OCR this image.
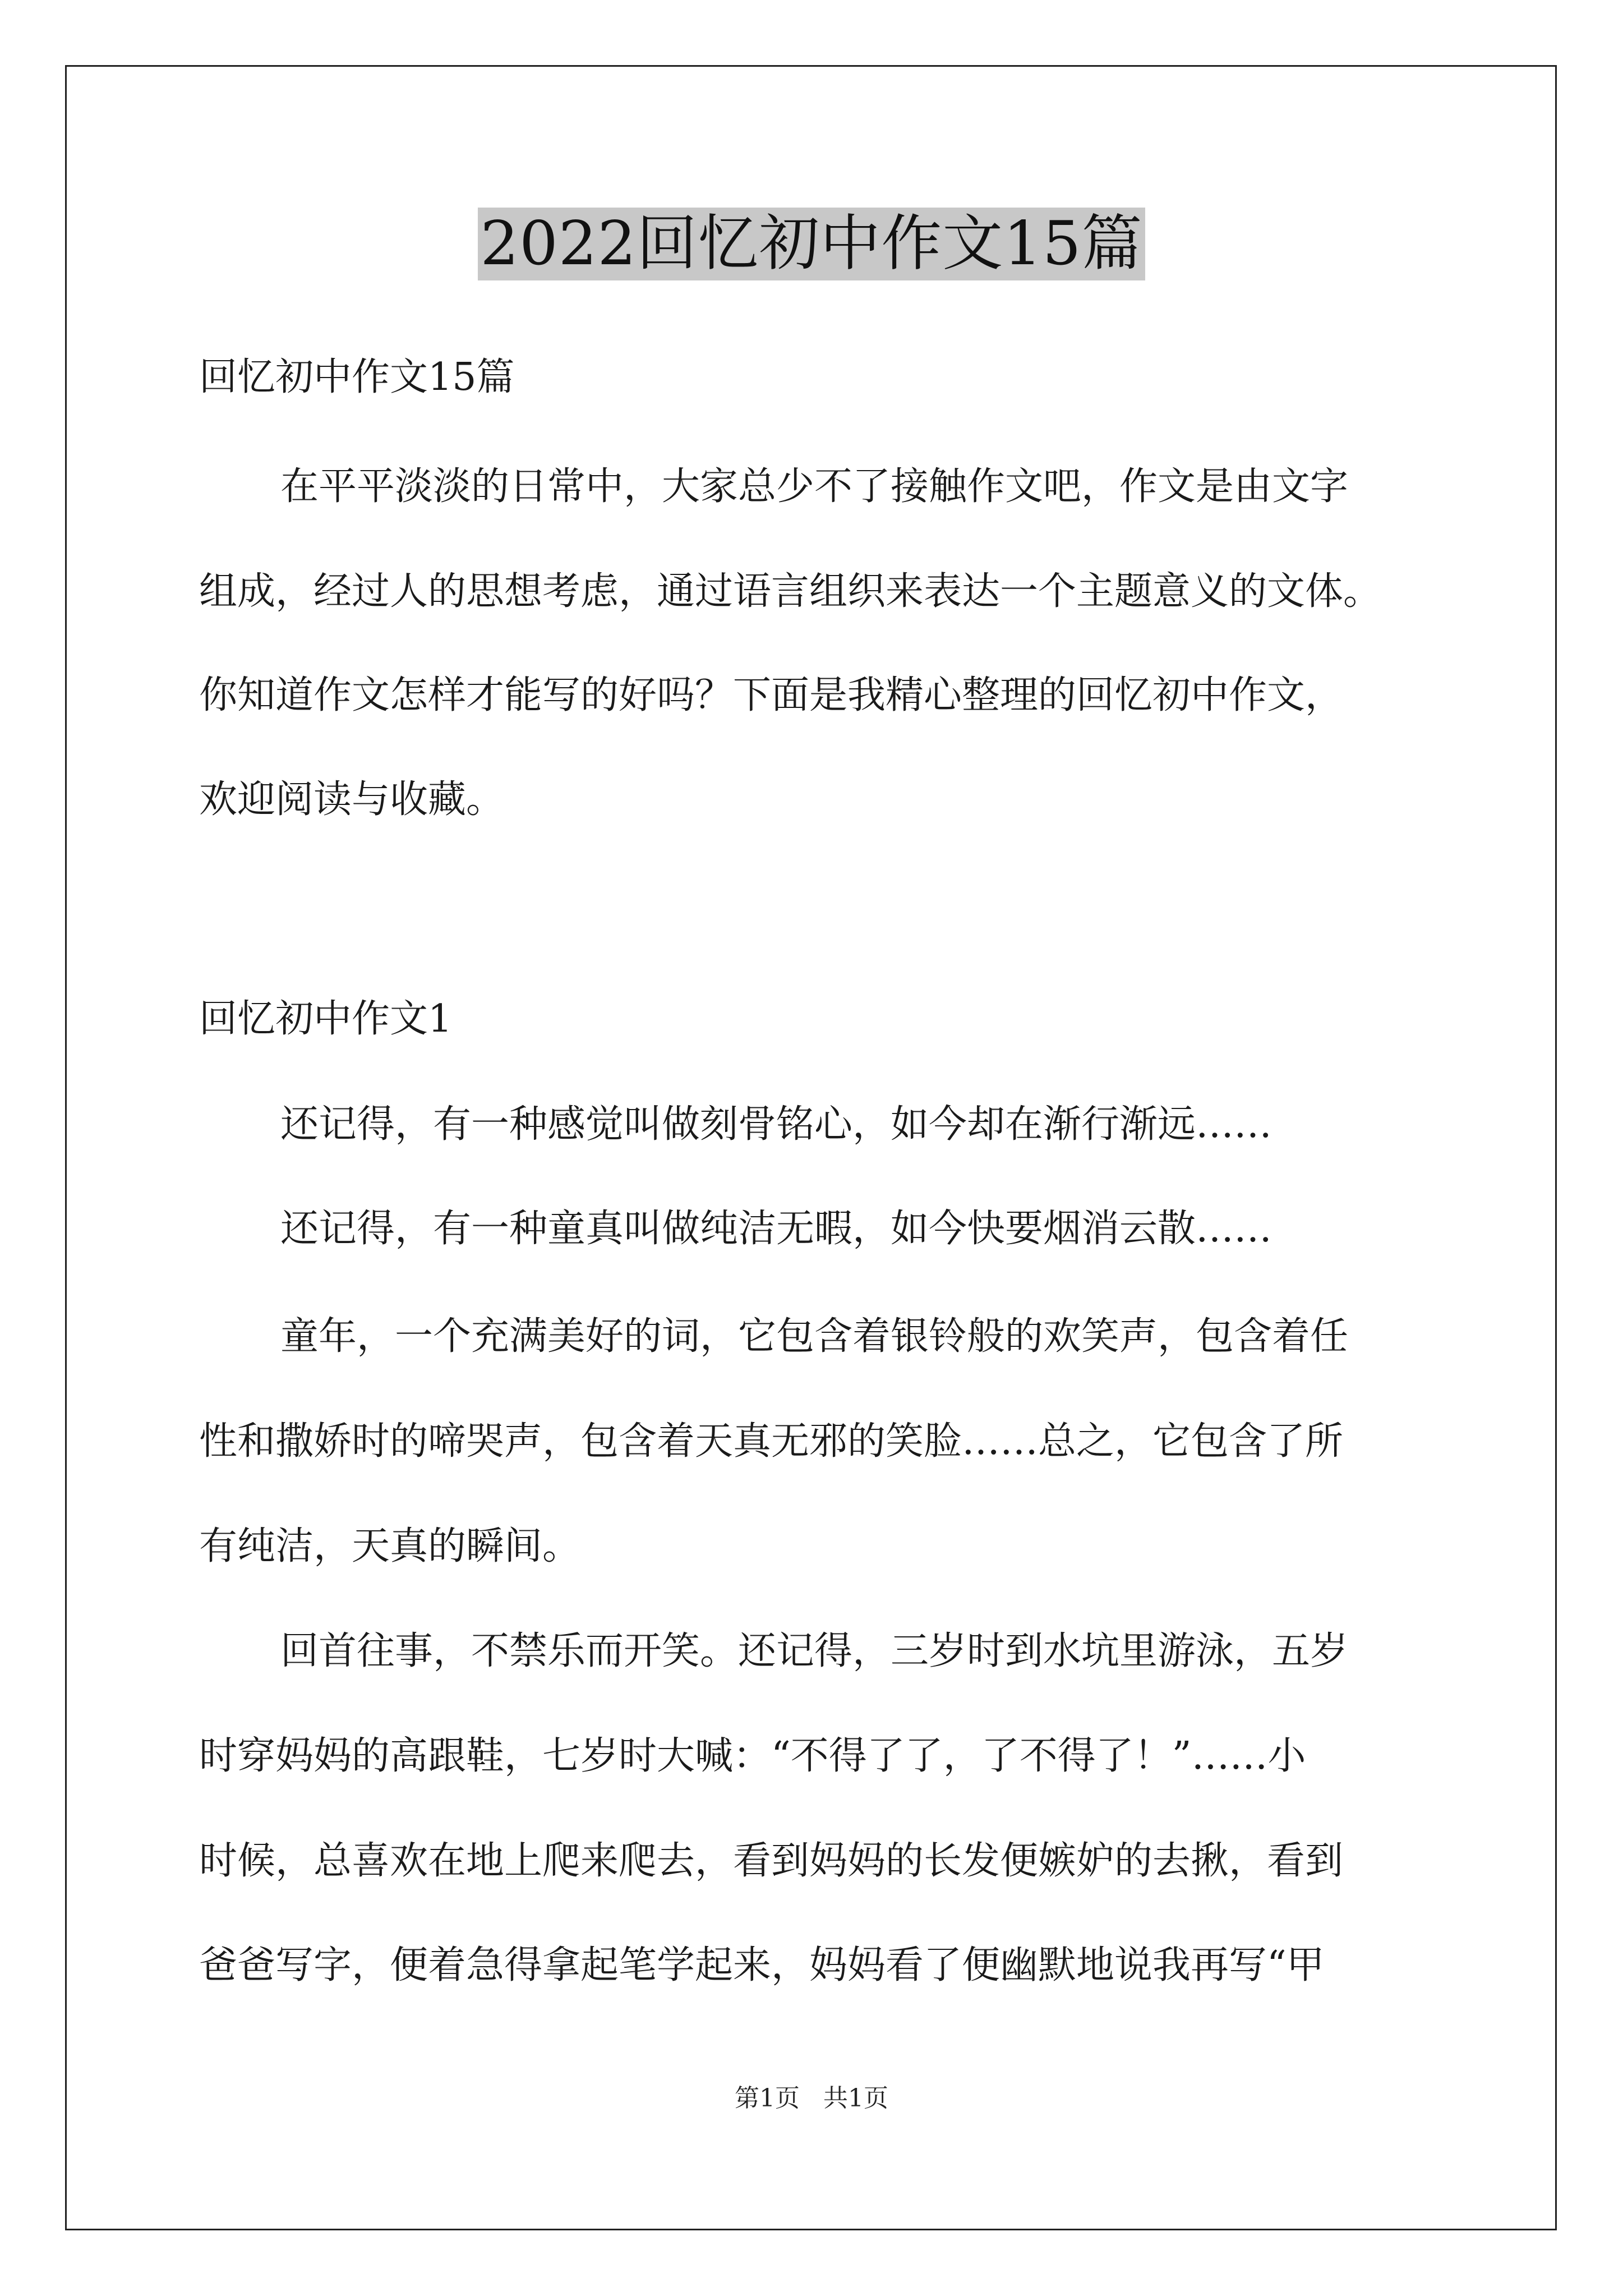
2022回忆初中作文15篇
回忆初中作文15篇
在平平淡淡的日常中，大家总少不了接触作文吧，作文是由文字
组成，经过人的思想考虑，通过语言组织来表达一个主题意义的文体。
你知道作文怎样才能写的好吗？下面是我精心整理的回忆初中作文，
欢迎阅读与收藏。
回忆初中作文1
还记得，有一种感觉叫做刻骨铭心，如今却在渐行渐远……
还记得，有一种童真叫做纯洁无暇，如今快要烟消云散……
童年，一个充满美好的词，它包含着银铃般的欢笑声，包含着任
性和撒娇时的啼哭声，包含着天真无邪的笑脸……总之，它包含了所
有纯洁，天真的瞬间。
回首往事，不禁乐而开笑。还记得，三岁时到水坑里游泳，五岁
时穿妈妈的高跟鞋，七岁时大喊：“不得了了，了不得了！”……小
时候，总喜欢在地上爬来爬去，看到妈妈的长发便嫉妒的去揪，看到
爸爸写字，便着急得拿起笔学起来，妈妈看了便幽默地说我再写“甲
第1页 共1页
